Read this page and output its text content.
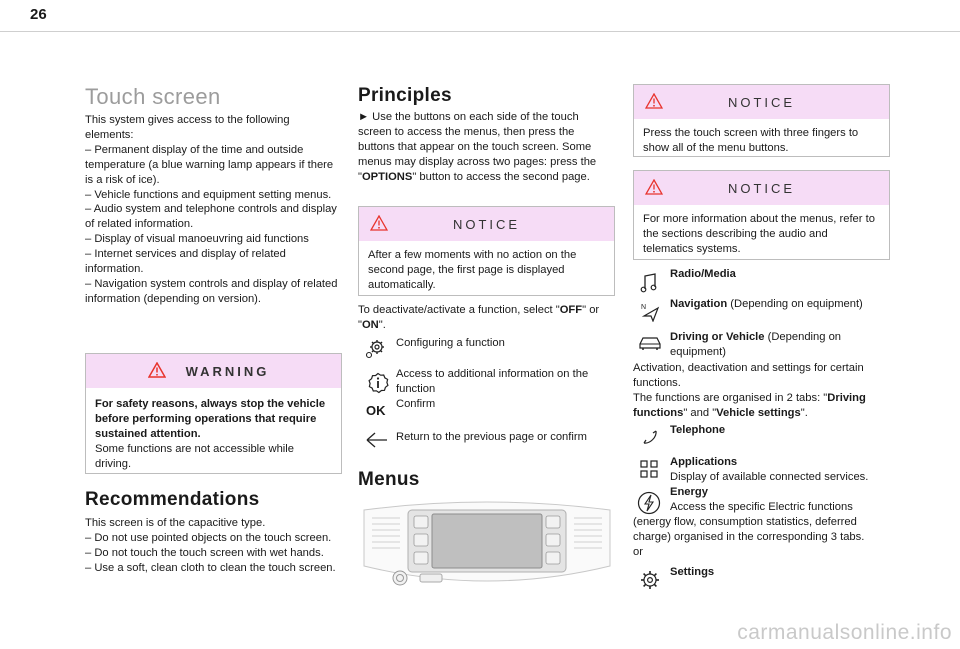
26
Touch screen
This system gives access to the following elements:
– Permanent display of the time and outside temperature (a blue warning lamp appears if there is a risk of ice).
– Vehicle functions and equipment setting menus.
– Audio system and telephone controls and display of related information.
– Display of visual manoeuvring aid functions
– Internet services and display of related information.
– Navigation system controls and display of related information (depending on version).
WARNING
For safety reasons, always stop the vehicle before performing operations that require sustained attention.
Some functions are not accessible while driving.
Recommendations
This screen is of the capacitive type.
– Do not use pointed objects on the touch screen.
– Do not touch the touch screen with wet hands.
– Use a soft, clean cloth to clean the touch screen.
Principles
► Use the buttons on each side of the touch screen to access the menus, then press the buttons that appear on the touch screen. Some menus may display across two pages: press the "OPTIONS" button to access the second page.
NOTICE
After a few moments with no action on the second page, the first page is displayed automatically.
To deactivate/activate a function, select "OFF" or "ON".
Configuring a function
Access to additional information on the function
OK Confirm
Return to the previous page or confirm
Menus
NOTICE
Press the touch screen with three fingers to show all of the menu buttons.
NOTICE
For more information about the menus, refer to the sections describing the audio and telematics systems.
Radio/Media
N Navigation (Depending on equipment)
Driving or Vehicle (Depending on equipment)
Activation, deactivation and settings for certain functions.
The functions are organised in 2 tabs: "Driving functions" and "Vehicle settings".
Telephone
Applications
Display of available connected services.
Energy
Access the specific Electric functions
(energy flow, consumption statistics, deferred charge) organised in the corresponding 3 tabs.
or
Settings
carmanualsonline.info
